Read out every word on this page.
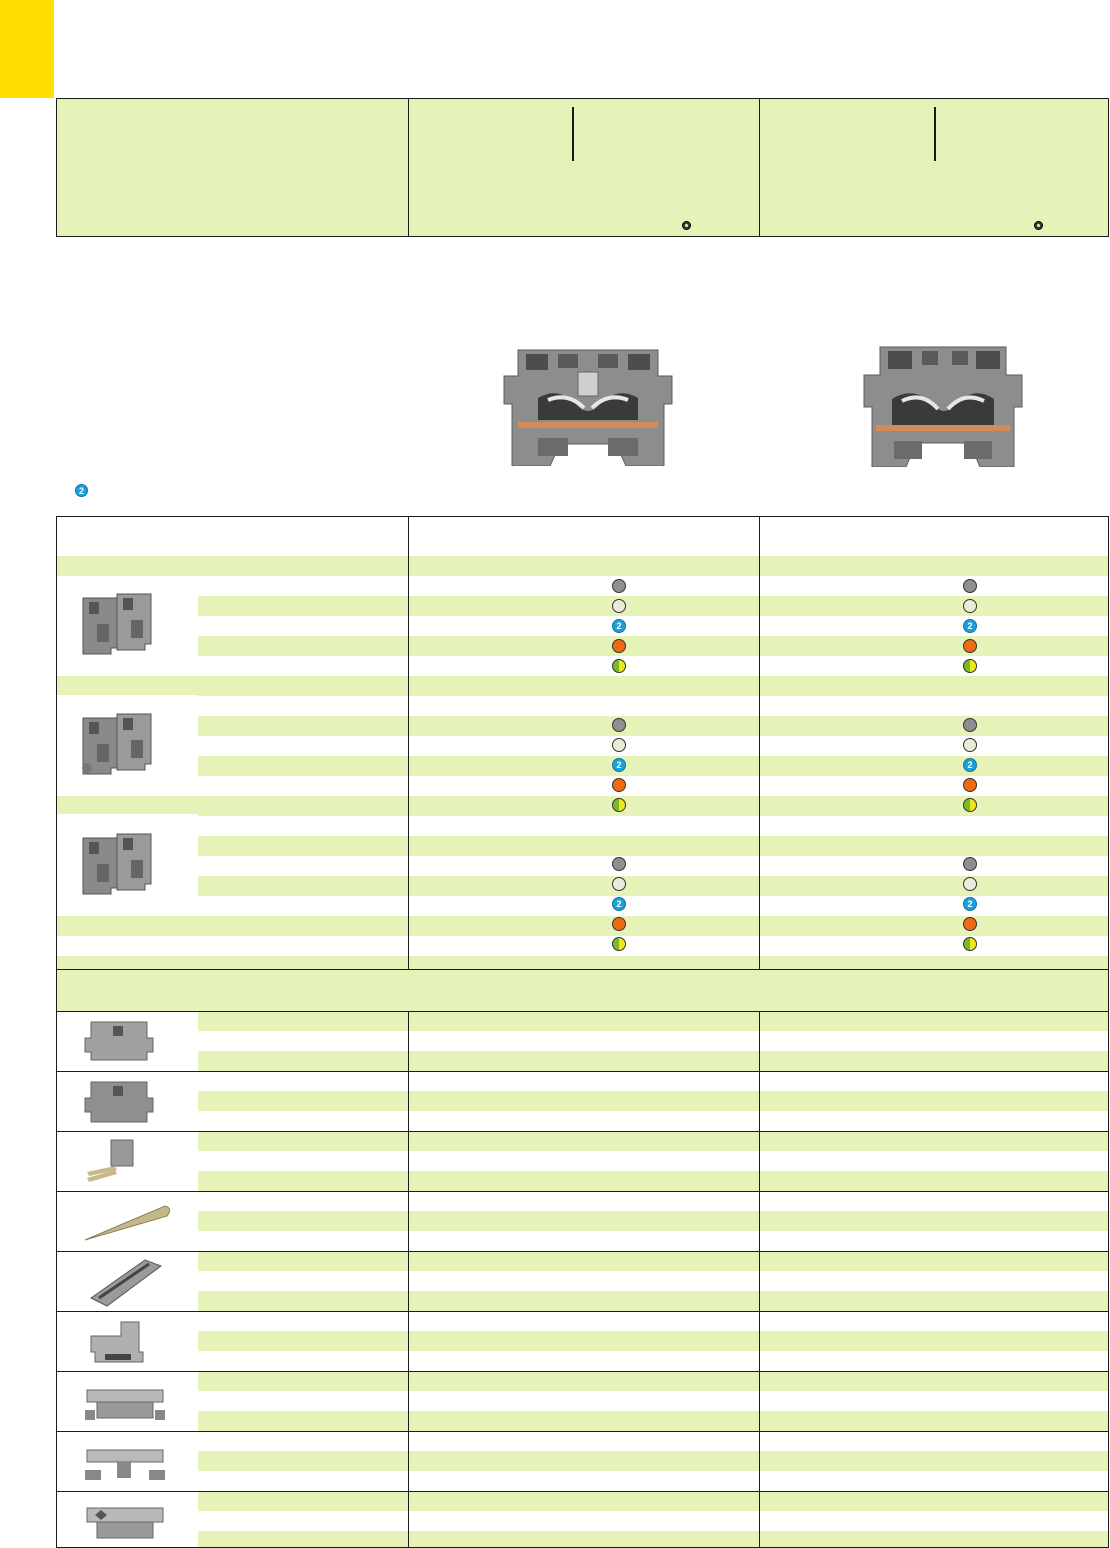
2
2	2
2	2
2	2
